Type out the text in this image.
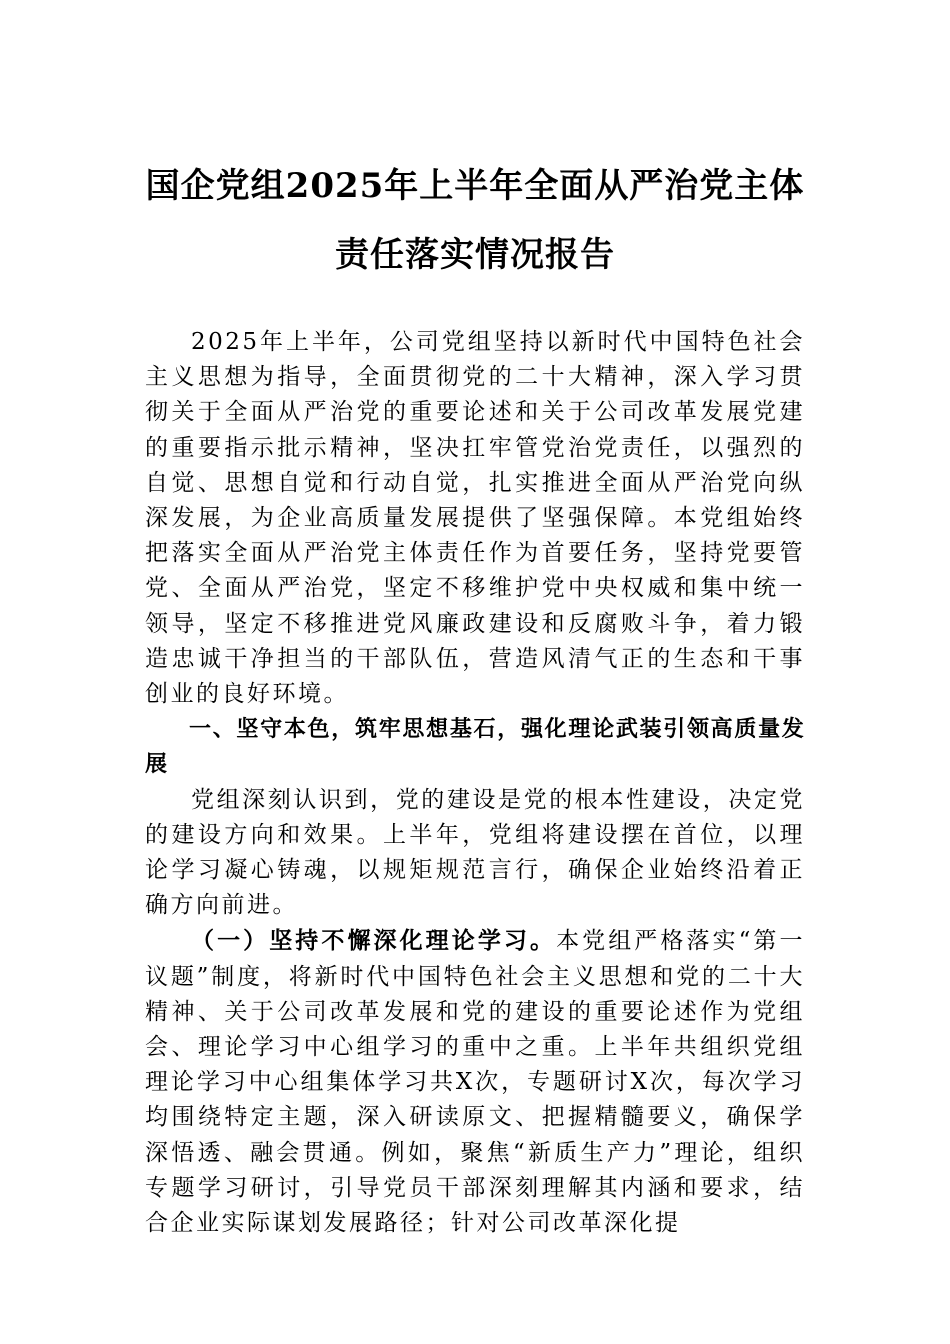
国企党组2025年上半年全面从严治党主体
责任落实情况报告

2025年上半年，公司党组坚持以新时代中国特色社会主义思想为指导，全面贯彻党的二十大精神，深入学习贯彻关于全面从严治党的重要论述和关于公司改革发展党建的重要指示批示精神，坚决扛牢管党治党责任，以强烈的自觉、思想自觉和行动自觉，扎实推进全面从严治党向纵深发展，为企业高质量发展提供了坚强保障。本党组始终把落实全面从严治党主体责任作为首要任务，坚持党要管党、全面从严治党，坚定不移维护党中央权威和集中统一领导，坚定不移推进党风廉政建设和反腐败斗争，着力锻造忠诚干净担当的干部队伍，营造风清气正的生态和干事创业的良好环境。

一、坚守本色，筑牢思想基石，强化理论武装引领高质量发展

党组深刻认识到，党的建设是党的根本性建设，决定党的建设方向和效果。上半年，党组将建设摆在首位，以理论学习凝心铸魂，以规矩规范言行，确保企业始终沿着正确方向前进。

（一）坚持不懈深化理论学习。本党组严格落实“第一议题”制度，将新时代中国特色社会主义思想和党的二十大精神、关于公司改革发展和党的建设的重要论述作为党组会、理论学习中心组学习的重中之重。上半年共组织党组理论学习中心组集体学习共X次，专题研讨X次，每次学习均围绕特定主题，深入研读原文、把握精髓要义，确保学深悟透、融会贯通。例如，聚焦“新质生产力”理论，组织专题学习研讨，引导党员干部深刻理解其内涵和要求，结合企业实际谋划发展路径；针对公司改革深化提
